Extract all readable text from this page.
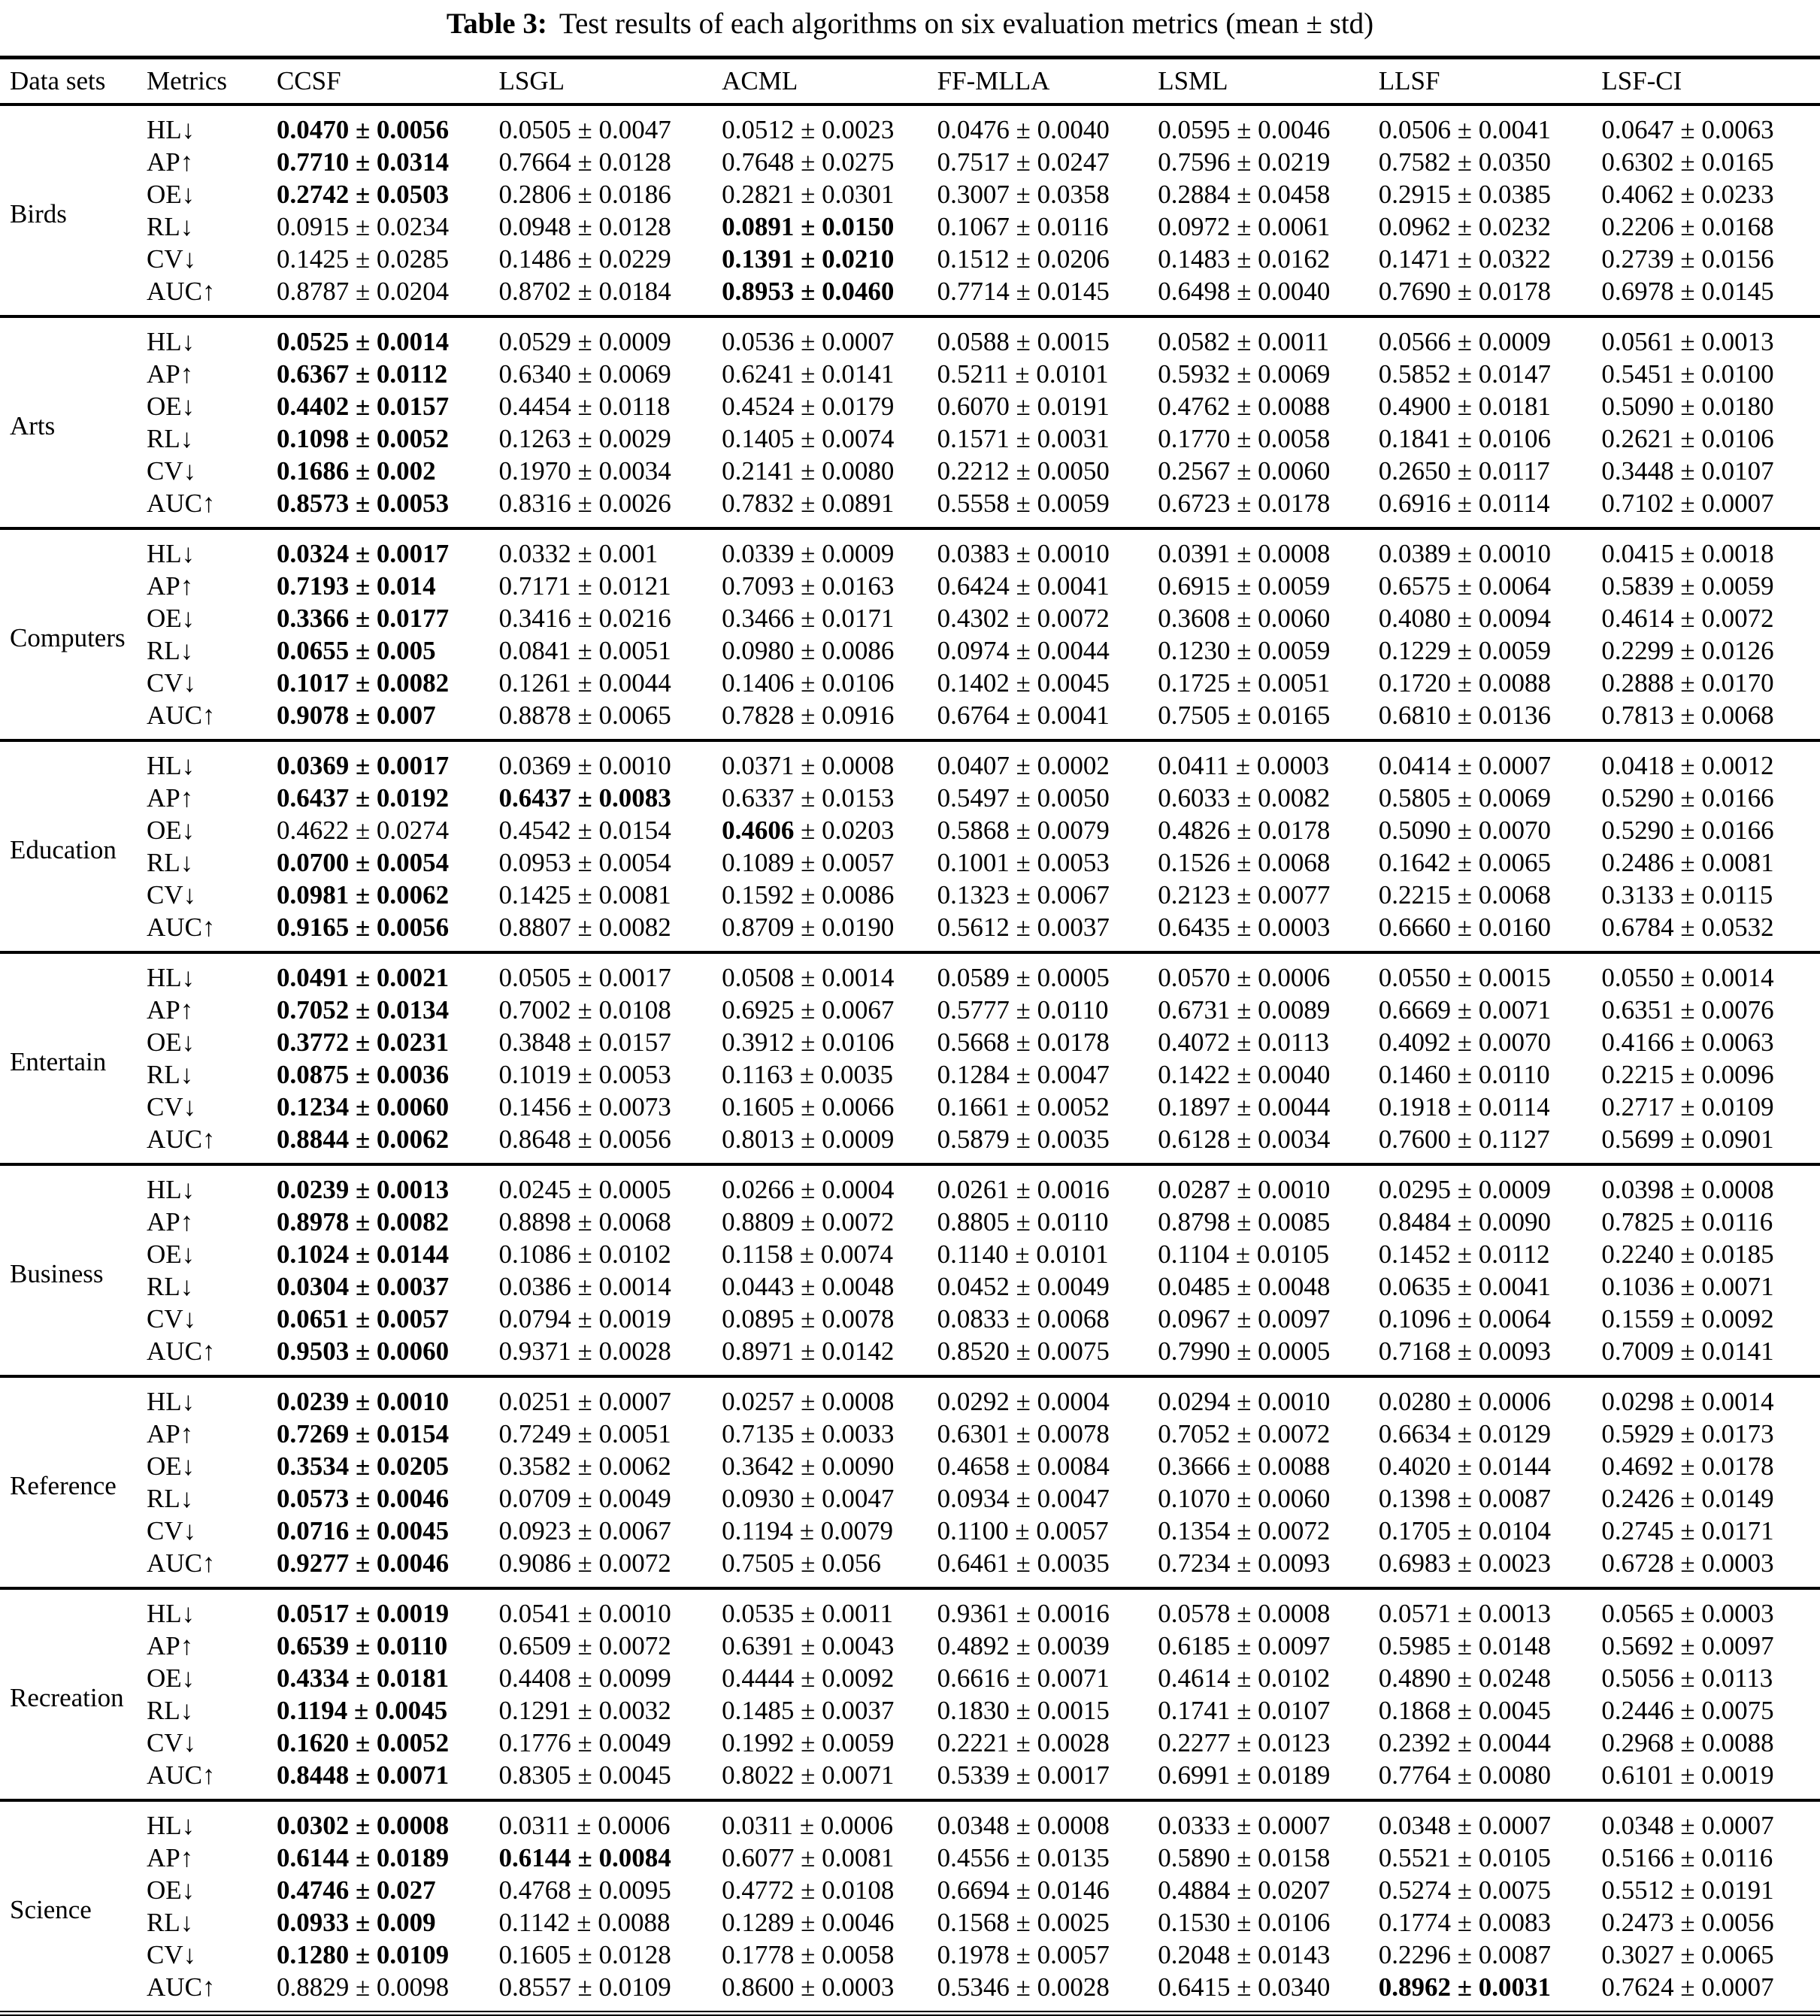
Table 3: Test results of each algorithms on six evaluation metrics (mean ± std)
Data sets	Metrics	CCSF	LSGL	ACML	FF-MLLA	LSML	LLSF	LSF-CI
Birds	HL↓	0.0470 ± 0.0056	0.0505 ± 0.0047	0.0512 ± 0.0023	0.0476 ± 0.0040	0.0595 ± 0.0046	0.0506 ± 0.0041	0.0647 ± 0.0063
	AP↑	0.7710 ± 0.0314	0.7664 ± 0.0128	0.7648 ± 0.0275	0.7517 ± 0.0247	0.7596 ± 0.0219	0.7582 ± 0.0350	0.6302 ± 0.0165
	OE↓	0.2742 ± 0.0503	0.2806 ± 0.0186	0.2821 ± 0.0301	0.3007 ± 0.0358	0.2884 ± 0.0458	0.2915 ± 0.0385	0.4062 ± 0.0233
	RL↓	0.0915 ± 0.0234	0.0948 ± 0.0128	0.0891 ± 0.0150	0.1067 ± 0.0116	0.0972 ± 0.0061	0.0962 ± 0.0232	0.2206 ± 0.0168
	CV↓	0.1425 ± 0.0285	0.1486 ± 0.0229	0.1391 ± 0.0210	0.1512 ± 0.0206	0.1483 ± 0.0162	0.1471 ± 0.0322	0.2739 ± 0.0156
	AUC↑	0.8787 ± 0.0204	0.8702 ± 0.0184	0.8953 ± 0.0460	0.7714 ± 0.0145	0.6498 ± 0.0040	0.7690 ± 0.0178	0.6978 ± 0.0145
Arts	HL↓	0.0525 ± 0.0014	0.0529 ± 0.0009	0.0536 ± 0.0007	0.0588 ± 0.0015	0.0582 ± 0.0011	0.0566 ± 0.0009	0.0561 ± 0.0013
	AP↑	0.6367 ± 0.0112	0.6340 ± 0.0069	0.6241 ± 0.0141	0.5211 ± 0.0101	0.5932 ± 0.0069	0.5852 ± 0.0147	0.5451 ± 0.0100
	OE↓	0.4402 ± 0.0157	0.4454 ± 0.0118	0.4524 ± 0.0179	0.6070 ± 0.0191	0.4762 ± 0.0088	0.4900 ± 0.0181	0.5090 ± 0.0180
	RL↓	0.1098 ± 0.0052	0.1263 ± 0.0029	0.1405 ± 0.0074	0.1571 ± 0.0031	0.1770 ± 0.0058	0.1841 ± 0.0106	0.2621 ± 0.0106
	CV↓	0.1686 ± 0.002	0.1970 ± 0.0034	0.2141 ± 0.0080	0.2212 ± 0.0050	0.2567 ± 0.0060	0.2650 ± 0.0117	0.3448 ± 0.0107
	AUC↑	0.8573 ± 0.0053	0.8316 ± 0.0026	0.7832 ± 0.0891	0.5558 ± 0.0059	0.6723 ± 0.0178	0.6916 ± 0.0114	0.7102 ± 0.0007
Computers	HL↓	0.0324 ± 0.0017	0.0332 ± 0.001	0.0339 ± 0.0009	0.0383 ± 0.0010	0.0391 ± 0.0008	0.0389 ± 0.0010	0.0415 ± 0.0018
	AP↑	0.7193 ± 0.014	0.7171 ± 0.0121	0.7093 ± 0.0163	0.6424 ± 0.0041	0.6915 ± 0.0059	0.6575 ± 0.0064	0.5839 ± 0.0059
	OE↓	0.3366 ± 0.0177	0.3416 ± 0.0216	0.3466 ± 0.0171	0.4302 ± 0.0072	0.3608 ± 0.0060	0.4080 ± 0.0094	0.4614 ± 0.0072
	RL↓	0.0655 ± 0.005	0.0841 ± 0.0051	0.0980 ± 0.0086	0.0974 ± 0.0044	0.1230 ± 0.0059	0.1229 ± 0.0059	0.2299 ± 0.0126
	CV↓	0.1017 ± 0.0082	0.1261 ± 0.0044	0.1406 ± 0.0106	0.1402 ± 0.0045	0.1725 ± 0.0051	0.1720 ± 0.0088	0.2888 ± 0.0170
	AUC↑	0.9078 ± 0.007	0.8878 ± 0.0065	0.7828 ± 0.0916	0.6764 ± 0.0041	0.7505 ± 0.0165	0.6810 ± 0.0136	0.7813 ± 0.0068
Education	HL↓	0.0369 ± 0.0017	0.0369 ± 0.0010	0.0371 ± 0.0008	0.0407 ± 0.0002	0.0411 ± 0.0003	0.0414 ± 0.0007	0.0418 ± 0.0012
	AP↑	0.6437 ± 0.0192	0.6437 ± 0.0083	0.6337 ± 0.0153	0.5497 ± 0.0050	0.6033 ± 0.0082	0.5805 ± 0.0069	0.5290 ± 0.0166
	OE↓	0.4622 ± 0.0274	0.4542 ± 0.0154	0.4606 ± 0.0203	0.5868 ± 0.0079	0.4826 ± 0.0178	0.5090 ± 0.0070	0.5290 ± 0.0166
	RL↓	0.0700 ± 0.0054	0.0953 ± 0.0054	0.1089 ± 0.0057	0.1001 ± 0.0053	0.1526 ± 0.0068	0.1642 ± 0.0065	0.2486 ± 0.0081
	CV↓	0.0981 ± 0.0062	0.1425 ± 0.0081	0.1592 ± 0.0086	0.1323 ± 0.0067	0.2123 ± 0.0077	0.2215 ± 0.0068	0.3133 ± 0.0115
	AUC↑	0.9165 ± 0.0056	0.8807 ± 0.0082	0.8709 ± 0.0190	0.5612 ± 0.0037	0.6435 ± 0.0003	0.6660 ± 0.0160	0.6784 ± 0.0532
Entertain	HL↓	0.0491 ± 0.0021	0.0505 ± 0.0017	0.0508 ± 0.0014	0.0589 ± 0.0005	0.0570 ± 0.0006	0.0550 ± 0.0015	0.0550 ± 0.0014
	AP↑	0.7052 ± 0.0134	0.7002 ± 0.0108	0.6925 ± 0.0067	0.5777 ± 0.0110	0.6731 ± 0.0089	0.6669 ± 0.0071	0.6351 ± 0.0076
	OE↓	0.3772 ± 0.0231	0.3848 ± 0.0157	0.3912 ± 0.0106	0.5668 ± 0.0178	0.4072 ± 0.0113	0.4092 ± 0.0070	0.4166 ± 0.0063
	RL↓	0.0875 ± 0.0036	0.1019 ± 0.0053	0.1163 ± 0.0035	0.1284 ± 0.0047	0.1422 ± 0.0040	0.1460 ± 0.0110	0.2215 ± 0.0096
	CV↓	0.1234 ± 0.0060	0.1456 ± 0.0073	0.1605 ± 0.0066	0.1661 ± 0.0052	0.1897 ± 0.0044	0.1918 ± 0.0114	0.2717 ± 0.0109
	AUC↑	0.8844 ± 0.0062	0.8648 ± 0.0056	0.8013 ± 0.0009	0.5879 ± 0.0035	0.6128 ± 0.0034	0.7600 ± 0.1127	0.5699 ± 0.0901
Business	HL↓	0.0239 ± 0.0013	0.0245 ± 0.0005	0.0266 ± 0.0004	0.0261 ± 0.0016	0.0287 ± 0.0010	0.0295 ± 0.0009	0.0398 ± 0.0008
	AP↑	0.8978 ± 0.0082	0.8898 ± 0.0068	0.8809 ± 0.0072	0.8805 ± 0.0110	0.8798 ± 0.0085	0.8484 ± 0.0090	0.7825 ± 0.0116
	OE↓	0.1024 ± 0.0144	0.1086 ± 0.0102	0.1158 ± 0.0074	0.1140 ± 0.0101	0.1104 ± 0.0105	0.1452 ± 0.0112	0.2240 ± 0.0185
	RL↓	0.0304 ± 0.0037	0.0386 ± 0.0014	0.0443 ± 0.0048	0.0452 ± 0.0049	0.0485 ± 0.0048	0.0635 ± 0.0041	0.1036 ± 0.0071
	CV↓	0.0651 ± 0.0057	0.0794 ± 0.0019	0.0895 ± 0.0078	0.0833 ± 0.0068	0.0967 ± 0.0097	0.1096 ± 0.0064	0.1559 ± 0.0092
	AUC↑	0.9503 ± 0.0060	0.9371 ± 0.0028	0.8971 ± 0.0142	0.8520 ± 0.0075	0.7990 ± 0.0005	0.7168 ± 0.0093	0.7009 ± 0.0141
Reference	HL↓	0.0239 ± 0.0010	0.0251 ± 0.0007	0.0257 ± 0.0008	0.0292 ± 0.0004	0.0294 ± 0.0010	0.0280 ± 0.0006	0.0298 ± 0.0014
	AP↑	0.7269 ± 0.0154	0.7249 ± 0.0051	0.7135 ± 0.0033	0.6301 ± 0.0078	0.7052 ± 0.0072	0.6634 ± 0.0129	0.5929 ± 0.0173
	OE↓	0.3534 ± 0.0205	0.3582 ± 0.0062	0.3642 ± 0.0090	0.4658 ± 0.0084	0.3666 ± 0.0088	0.4020 ± 0.0144	0.4692 ± 0.0178
	RL↓	0.0573 ± 0.0046	0.0709 ± 0.0049	0.0930 ± 0.0047	0.0934 ± 0.0047	0.1070 ± 0.0060	0.1398 ± 0.0087	0.2426 ± 0.0149
	CV↓	0.0716 ± 0.0045	0.0923 ± 0.0067	0.1194 ± 0.0079	0.1100 ± 0.0057	0.1354 ± 0.0072	0.1705 ± 0.0104	0.2745 ± 0.0171
	AUC↑	0.9277 ± 0.0046	0.9086 ± 0.0072	0.7505 ± 0.056	0.6461 ± 0.0035	0.7234 ± 0.0093	0.6983 ± 0.0023	0.6728 ± 0.0003
Recreation	HL↓	0.0517 ± 0.0019	0.0541 ± 0.0010	0.0535 ± 0.0011	0.9361 ± 0.0016	0.0578 ± 0.0008	0.0571 ± 0.0013	0.0565 ± 0.0003
	AP↑	0.6539 ± 0.0110	0.6509 ± 0.0072	0.6391 ± 0.0043	0.4892 ± 0.0039	0.6185 ± 0.0097	0.5985 ± 0.0148	0.5692 ± 0.0097
	OE↓	0.4334 ± 0.0181	0.4408 ± 0.0099	0.4444 ± 0.0092	0.6616 ± 0.0071	0.4614 ± 0.0102	0.4890 ± 0.0248	0.5056 ± 0.0113
	RL↓	0.1194 ± 0.0045	0.1291 ± 0.0032	0.1485 ± 0.0037	0.1830 ± 0.0015	0.1741 ± 0.0107	0.1868 ± 0.0045	0.2446 ± 0.0075
	CV↓	0.1620 ± 0.0052	0.1776 ± 0.0049	0.1992 ± 0.0059	0.2221 ± 0.0028	0.2277 ± 0.0123	0.2392 ± 0.0044	0.2968 ± 0.0088
	AUC↑	0.8448 ± 0.0071	0.8305 ± 0.0045	0.8022 ± 0.0071	0.5339 ± 0.0017	0.6991 ± 0.0189	0.7764 ± 0.0080	0.6101 ± 0.0019
Science	HL↓	0.0302 ± 0.0008	0.0311 ± 0.0006	0.0311 ± 0.0006	0.0348 ± 0.0008	0.0333 ± 0.0007	0.0348 ± 0.0007	0.0348 ± 0.0007
	AP↑	0.6144 ± 0.0189	0.6144 ± 0.0084	0.6077 ± 0.0081	0.4556 ± 0.0135	0.5890 ± 0.0158	0.5521 ± 0.0105	0.5166 ± 0.0116
	OE↓	0.4746 ± 0.027	0.4768 ± 0.0095	0.4772 ± 0.0108	0.6694 ± 0.0146	0.4884 ± 0.0207	0.5274 ± 0.0075	0.5512 ± 0.0191
	RL↓	0.0933 ± 0.009	0.1142 ± 0.0088	0.1289 ± 0.0046	0.1568 ± 0.0025	0.1530 ± 0.0106	0.1774 ± 0.0083	0.2473 ± 0.0056
	CV↓	0.1280 ± 0.0109	0.1605 ± 0.0128	0.1778 ± 0.0058	0.1978 ± 0.0057	0.2048 ± 0.0143	0.2296 ± 0.0087	0.3027 ± 0.0065
	AUC↑	0.8829 ± 0.0098	0.8557 ± 0.0109	0.8600 ± 0.0003	0.5346 ± 0.0028	0.6415 ± 0.0340	0.8962 ± 0.0031	0.7624 ± 0.0007
